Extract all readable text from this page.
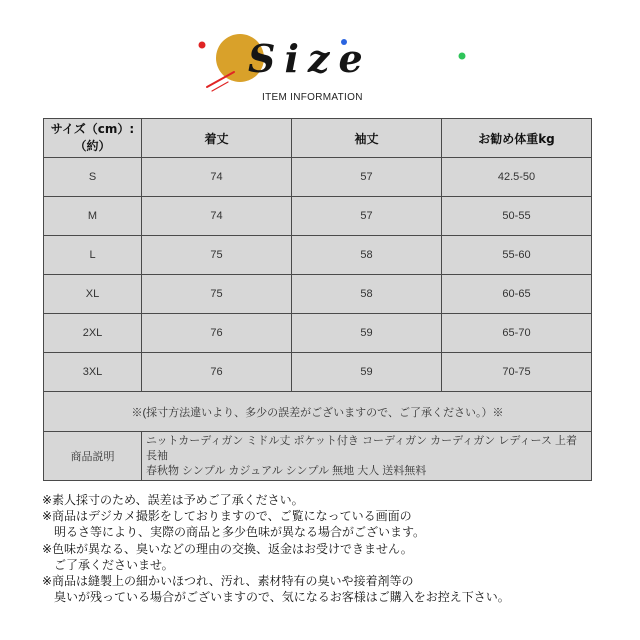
Size
ITEM INFORMATION
サイズ（cm）:
（約）	着丈	袖丈	お勧め体重kg
S	74	57	42.5-50
M	74	57	50-55
L	75	58	55-60
XL	75	58	60-65
2XL	76	59	65-70
3XL	76	59	70-75
※(採寸方法違いより、多少の誤差がございますので、ご了承ください。）※			
商品説明	ニットカーディガン ミドル丈 ポケット付き コーディガン カーディガン レディース 上着 長袖
春秋物 シンプル カジュアル シンプル 無地 大人 送料無料		
※素人採寸のため、誤差は予めご了承ください。
※商品はデジカメ撮影をしておりますので、ご覧になっている画面の
　明るさ等により、実際の商品と多少色味が異なる場合がございます。
※色味が異なる、臭いなどの理由の交換、返金はお受けできません。
　ご了承くださいませ。
※商品は縫製上の細かいほつれ、汚れ、素材特有の臭いや接着剤等の
　臭いが残っている場合がございますので、気になるお客様はご購入をお控え下さい。
